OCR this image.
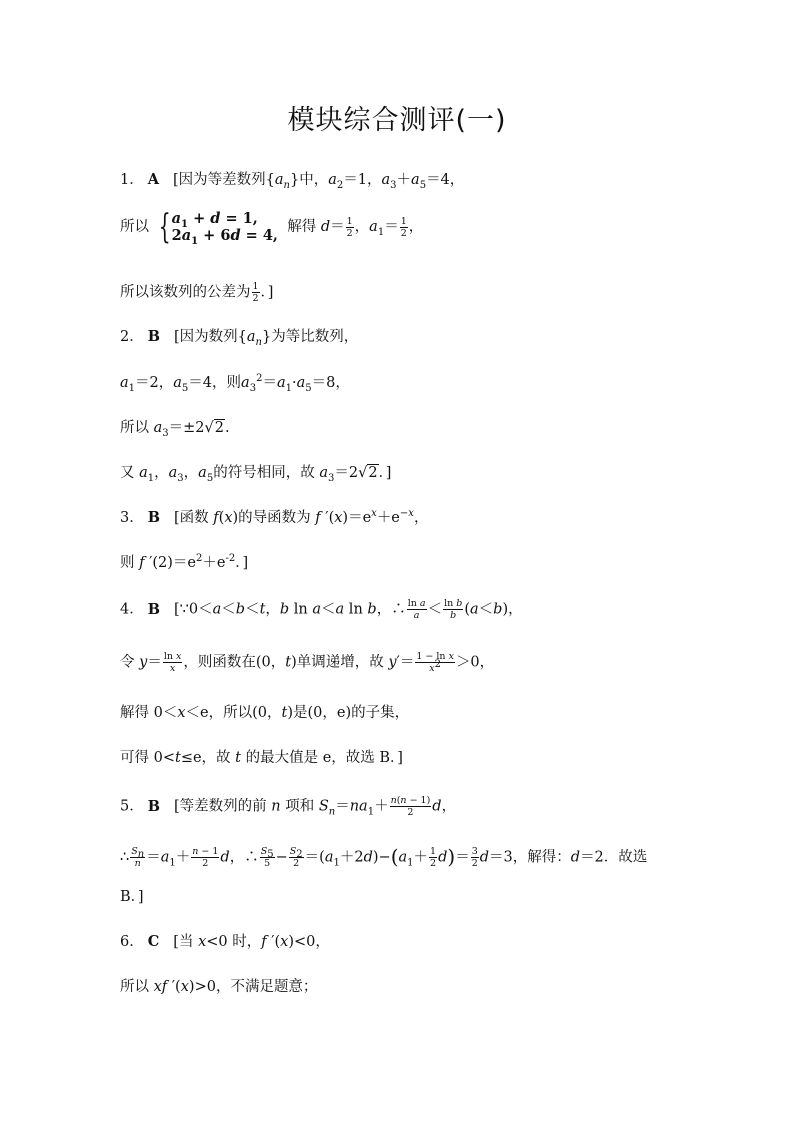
模块综合测评(一)
1． A [因为等差数列$\{a_n\}$中，$a_2=1$，$a_3+a_5=4$，
所以 {$a_1 + d = 1$,
$2a_1 + 6d = 4$,  解得 $d= \frac{1}{2}$ ，$a_1= \frac{1}{2}$ ，
所以该数列的公差为 $\frac{1}{2}$ ．]
2． B [因为数列$\{a_n\}$为等比数列，
$a_1=2$，$a_5=4$，则$a_3^2=a_1\cdot a_5=8$，
所以 $a_3=\pm 2√2$.
又 $a_1$，$a_3$，$a_5$的符号相同，故 $a_3=2√2$．]
3． B [函数 f(x)的导函数为 f $'(x)=e^x+e^{-x}$，
则 f $'(2)=e^2+e^{-2}$．]
4． B [∵0＜a＜b＜t，b ln a＜a ln b，∴ $\frac{\text{ln a}}{a} < \frac{\text{ln b}}{b} (a<b)$，
令 $y= \frac{\text{ln x}}{x}$ ，则函数在(0，t)单调递增，故 $y'= \frac{\text{1 − ln x}}{x^2} >0$，
解得 0＜x＜e，所以(0，t)是(0，e)的子集，
可得 0<t≤e，故 t 的最大值是 e，故选 B．]
5． B [等差数列的前 n 项和 $S_n=na_1+ \frac{n(n - 1)}{2}$ d，
∴ $\frac{S_n}{n} =a_1+ \frac{n - 1}{2}$ d，∴ $\frac{S_5}{5} - \frac{S_2}{2} =(a_1+2d)-(a_1+ \frac{1}{2} d)= \frac{3}{2} d=3$，解得：d＝2．故选
B．]
6． C [当 x<0 时，f ′(x)<0，
所以 xf ′(x)>0，不满足题意；
